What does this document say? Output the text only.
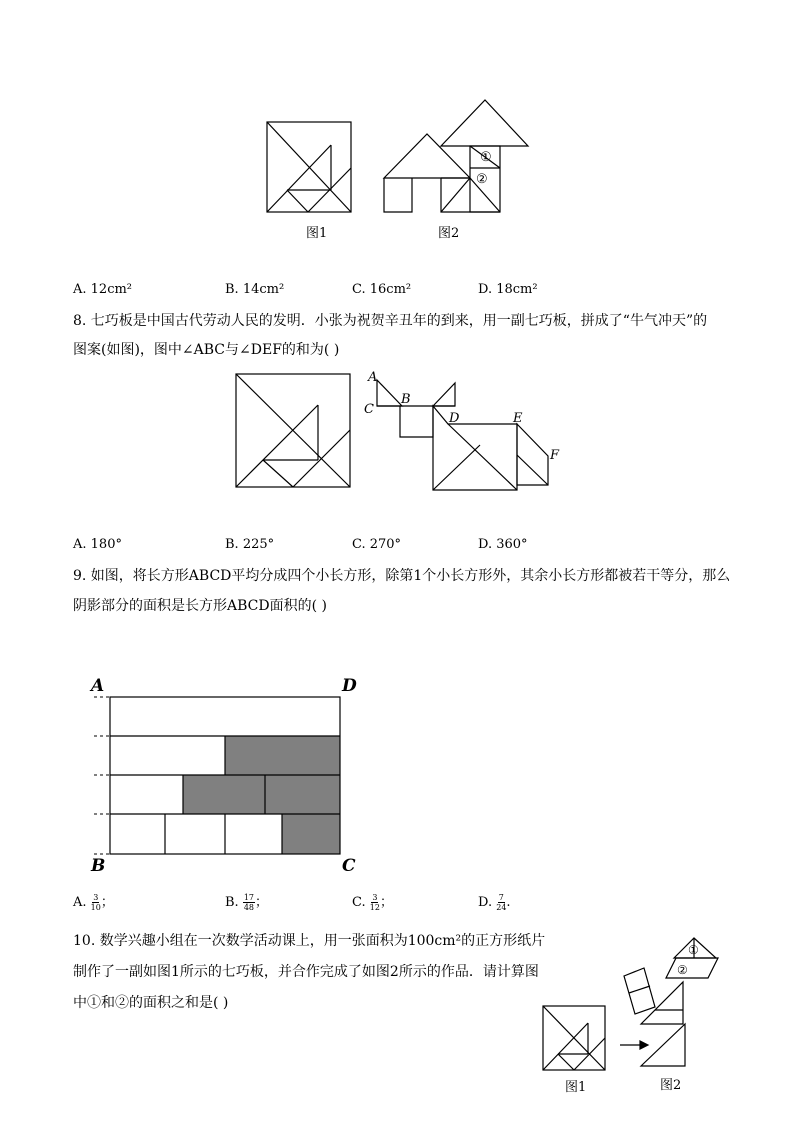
①
②
图1	图2
A. 12cm²	B. 14cm²	C. 16cm²	D. 18cm²
8. 七巧板是中国古代劳动人民的发明．小张为祝贺辛丑年的到来，用一副七巧板，拼成了“牛气冲天”的
图案(如图)，图中∠ABC与∠DEF的和为( )
A
C
B
D	E
F
A. 180°	B. 225°	C. 270°	D. 360°
9. 如图，将长方形ABCD平均分成四个小长方形，除第1个小长方形外，其余小长方形都被若干等分，那么
阴影部分的面积是长方形ABCD面积的( )
A	D
B	C
A. $\frac{3}{10}$ ；	B. $\frac{17}{48}$ ；	C. $\frac{3}{12}$ ；	D. $\frac{7}{24}$ .
10. 数学兴趣小组在一次数学活动课上，用一张面积为100cm²的正方形纸片
制作了一副如图1所示的七巧板，并合作完成了如图2所示的作品．请计算图
中①和②的面积之和是( )
①
②
图1	图2
